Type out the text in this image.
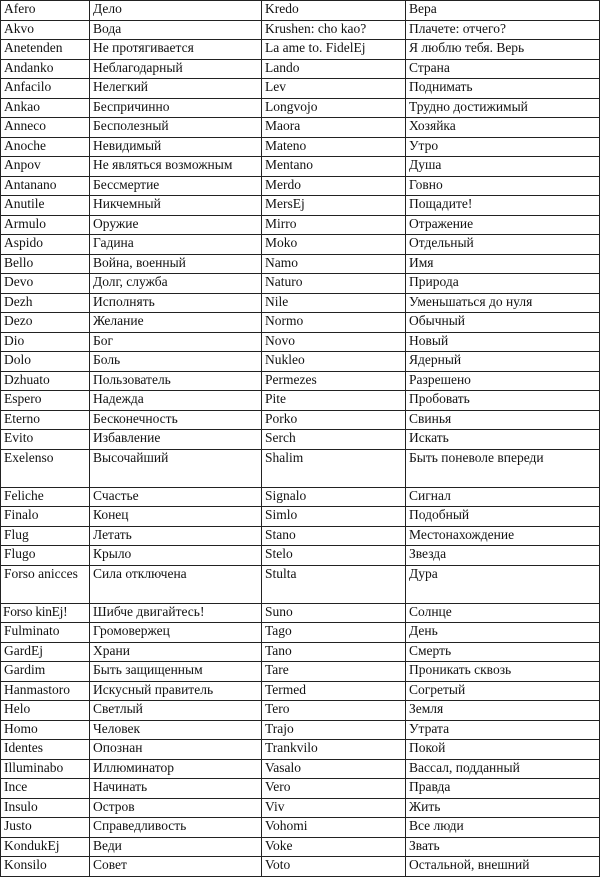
Afero	Дело	Kredo	Вера
Akvo	Вода	Krushen: cho kao?	Плачете: отчего?
Anetenden	Не протягивается	La ame to. FidelEj	Я люблю тебя. Верь
Andanko	Неблагодарный	Lando	Страна
Anfacilo	Нелегкий	Lev	Поднимать
Ankao	Беспричинно	Longvojo	Трудно достижимый
Anneco	Бесполезный	Maora	Хозяйка
Anoche	Невидимый	Mateno	Утро
Anpov	Не являться возможным	Mentano	Душа
Antanano	Бессмертие	Merdo	Говно
Anutile	Никчемный	MersEj	Пощадите!
Armulo	Оружие	Mirro	Отражение
Aspido	Гадина	Moko	Отдельный
Bello	Война, военный	Namo	Имя
Devo	Долг, служба	Naturo	Природа
Dezh	Исполнять	Nile	Уменьшаться до нуля
Dezo	Желание	Normo	Обычный
Dio	Бог	Novo	Новый
Dolo	Боль	Nukleo	Ядерный
Dzhuato	Пользователь	Permezes	Разрешено
Espero	Надежда	Pite	Пробовать
Eterno	Бесконечность	Porko	Свинья
Evito	Избавление	Serch	Искать
Exelenso	Высочайший	Shalim	Быть поневоле впереди
Feliche	Счастье	Signalo	Сигнал
Finalo	Конец	Simlo	Подобный
Flug	Летать	Stano	Местонахождение
Flugo	Крыло	Stelo	Звезда
Forso anicces	Сила отключена	Stulta	Дура
Forso kinEj!	Шибче двигайтесь!	Suno	Солнце
Fulminato	Громовержец	Tago	День
GardEj	Храни	Tano	Смерть
Gardim	Быть защищенным	Tare	Проникать сквозь
Hanmastoro	Искусный правитель	Termed	Согретый
Helo	Светлый	Tero	Земля
Homo	Человек	Trajo	Утрата
Identes	Опознан	Trankvilo	Покой
Illuminabo	Иллюминатор	Vasalo	Вассал, подданный
Ince	Начинать	Vero	Правда
Insulo	Остров	Viv	Жить
Justo	Справедливость	Vohomi	Все люди
KondukEj	Веди	Voke	Звать
Konsilo	Совет	Voto	Остальной, внешний
